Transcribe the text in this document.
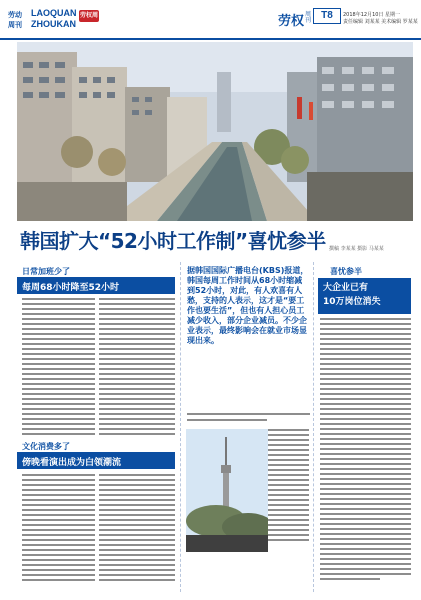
劳动
周刊
LAOQUAN
ZHOUKAN
劳权周刊	劳权 周刊	T8	2018年12月10日 星期一
责任编辑 刘某某 美术编辑 罗某某
韩国扩大“52小时工作制”喜忧参半 撰稿 李某某 摄影 马某某
日常加班少了
每周68小时降至52小时
文化消费多了
傍晚看演出成为白领潮流
据韩国国际广播电台(KBS)报道，韩国每周工作时间从68小时缩减到52小时，对此，有人欢喜有人愁，支持的人表示，这才是“要工作也要生活”，但也有人担心员工减少收入，部分企业减员。不少企业表示，最终影响会在就业市场显现出来。
喜忧参半
大企业已有
10万岗位消失
